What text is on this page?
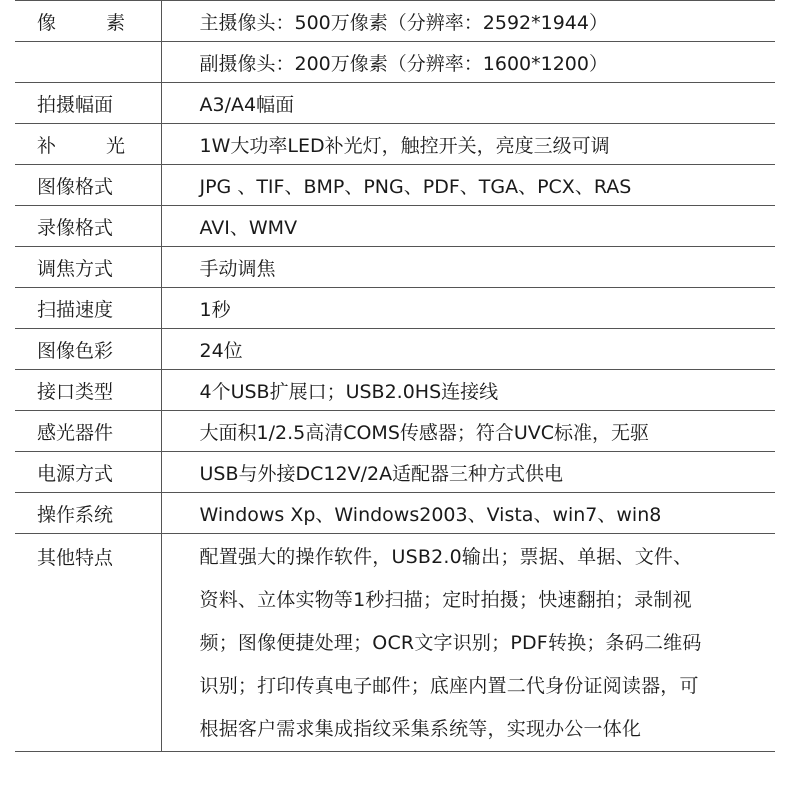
像 素	主摄像头：500万像素（分辨率：2592*1944）
	副摄像头：200万像素（分辨率：1600*1200）
拍摄幅面	A3/A4幅面

补 光	1W大功率LED补光灯，触控开关，亮度三级可调
图像格式	JPG 、TIF、BMP、PNG、PDF、TGA、PCX、RAS
录像格式	AVI、WMV
调焦方式	手动调焦
扫描速度	1秒
图像色彩	24位
接口类型	4个USB扩展口；USB2.0HS连接线
感光器件	大面积1/2.5高清COMS传感器；符合UVC标准，无驱
电源方式	USB与外接DC12V/2A适配器三种方式供电
操作系统	Windows Xp、Windows2003、Vista、win7、win8
其他特点	配置强大的操作软件，USB2.0输出；票据、单据、文件、
资料、立体实物等1秒扫描；定时拍摄；快速翻拍；录制视
频；图像便捷处理；OCR文字识别；PDF转换；条码二维码
识别；打印传真电子邮件；底座内置二代身份证阅读器，可
根据客户需求集成指纹采集系统等，实现办公一体化
